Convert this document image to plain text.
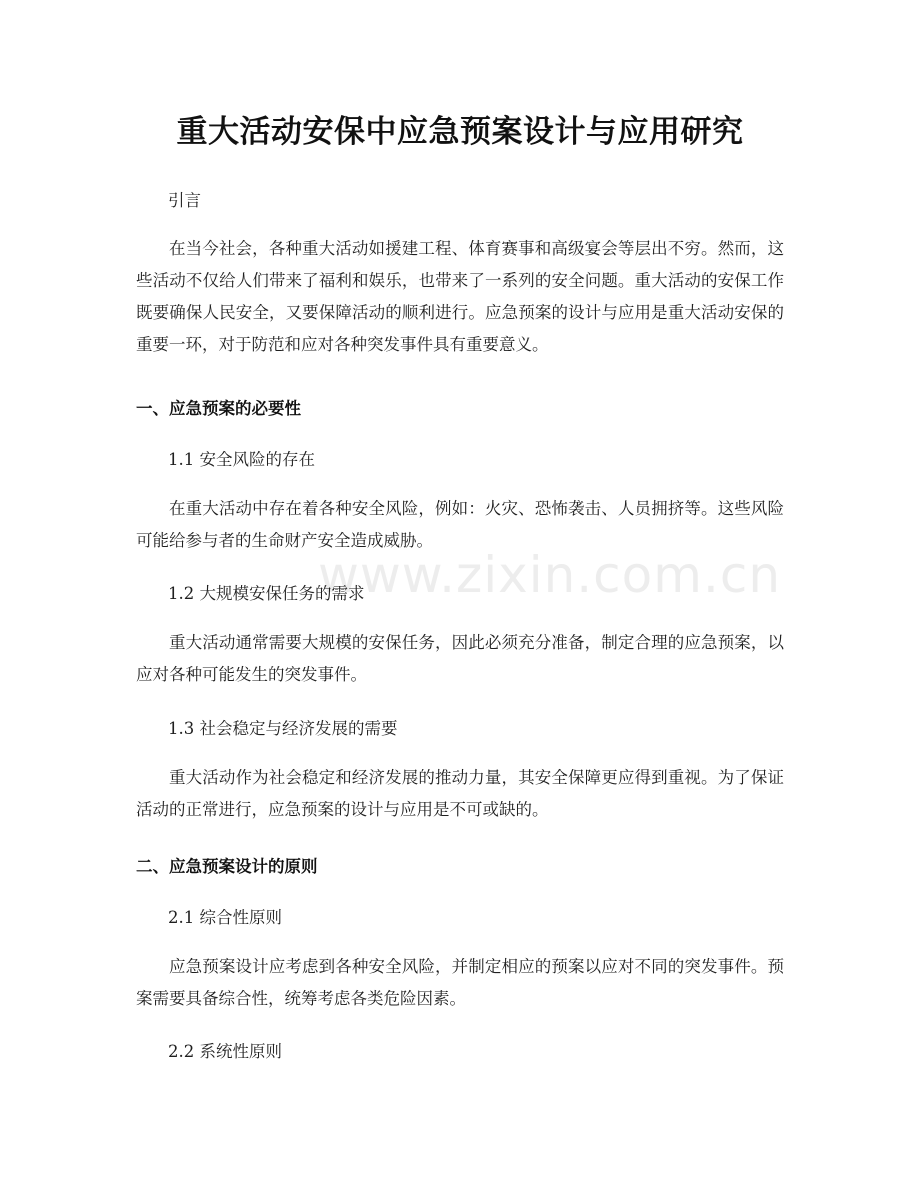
www.zixin.com.cn
重大活动安保中应急预案设计与应用研究
引言
在当今社会，各种重大活动如援建工程、体育赛事和高级宴会等层出不穷。然而，这些活动不仅给人们带来了福利和娱乐，也带来了一系列的安全问题。重大活动的安保工作既要确保人民安全，又要保障活动的顺利进行。应急预案的设计与应用是重大活动安保的重要一环，对于防范和应对各种突发事件具有重要意义。
一、应急预案的必要性
1.1 安全风险的存在
在重大活动中存在着各种安全风险，例如：火灾、恐怖袭击、人员拥挤等。这些风险可能给参与者的生命财产安全造成威胁。
1.2 大规模安保任务的需求
重大活动通常需要大规模的安保任务，因此必须充分准备，制定合理的应急预案，以应对各种可能发生的突发事件。
1.3 社会稳定与经济发展的需要
重大活动作为社会稳定和经济发展的推动力量，其安全保障更应得到重视。为了保证活动的正常进行，应急预案的设计与应用是不可或缺的。
二、应急预案设计的原则
2.1 综合性原则
应急预案设计应考虑到各种安全风险，并制定相应的预案以应对不同的突发事件。预案需要具备综合性，统筹考虑各类危险因素。
2.2 系统性原则
